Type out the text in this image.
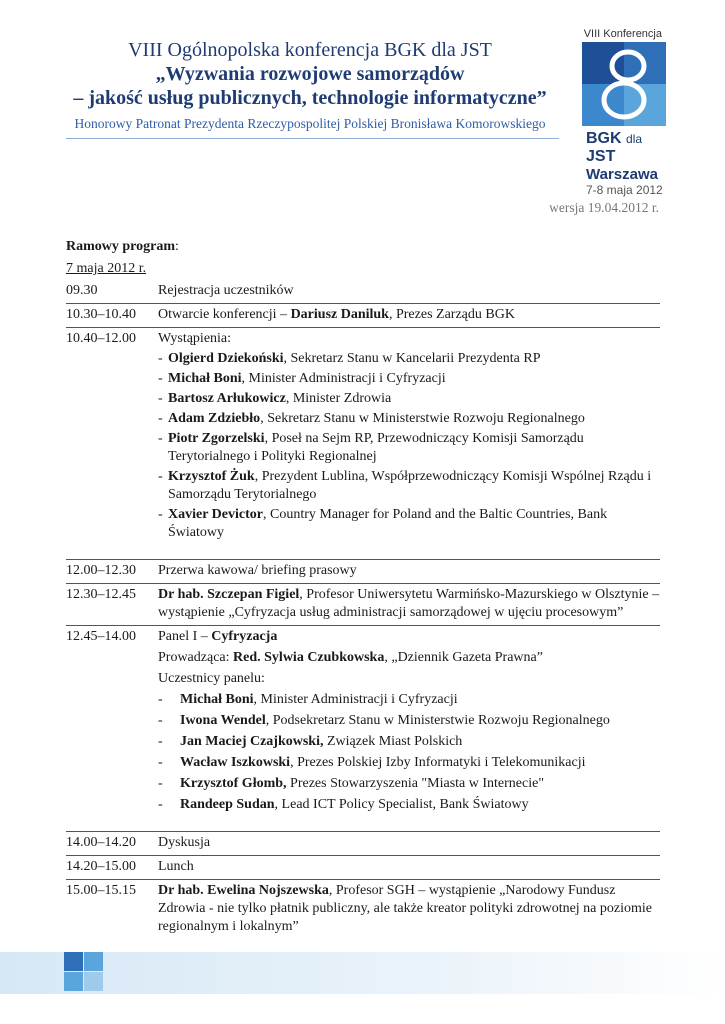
VIII Ogólnopolska konferencja BGK dla JST
„Wyzwania rozwojowe samorządów
– jakość usług publicznych, technologie informatyczne”
Honorowy Patronat Prezydenta Rzeczypospolitej Polskiej Bronisława Komorowskiego
VIII Konferencja
BGK dla JST
Warszawa
7-8 maja 2012
wersja 19.04.2012 r.
Ramowy program:
7 maja 2012 r.
09.30	Rejestracja uczestników
10.30–10.40	Otwarcie konferencji – Dariusz Daniluk, Prezes Zarządu BGK
10.40–12.00	Wystąpienia:
- Olgierd Dziekoński, Sekretarz Stanu w Kancelarii Prezydenta RP
- Michał Boni, Minister Administracji i Cyfryzacji
- Bartosz Arłukowicz, Minister Zdrowia
- Adam Zdziebło, Sekretarz Stanu w Ministerstwie Rozwoju Regionalnego
- Piotr Zgorzelski, Poseł na Sejm RP, Przewodniczący Komisji Samorządu Terytorialnego i Polityki Regionalnej
- Krzysztof Żuk, Prezydent Lublina, Współprzewodniczący Komisji Wspólnej Rządu i Samorządu Terytorialnego
- Xavier Devictor, Country Manager for Poland and the Baltic Countries, Bank Światowy
12.00–12.30	Przerwa kawowa/ briefing prasowy
12.30–12.45	Dr hab. Szczepan Figiel, Profesor Uniwersytetu Warmińsko-Mazurskiego w Olsztynie – wystąpienie „Cyfryzacja usług administracji samorządowej w ujęciu procesowym”
12.45–14.00	Panel I – Cyfryzacja
Prowadząca: Red. Sylwia Czubkowska, „Dziennik Gazeta Prawna”
Uczestnicy panelu:
-	Michał Boni, Minister Administracji i Cyfryzacji
-	Iwona Wendel, Podsekretarz Stanu w Ministerstwie Rozwoju Regionalnego
-	Jan Maciej Czajkowski, Związek Miast Polskich
-	Wacław Iszkowski, Prezes Polskiej Izby Informatyki i Telekomunikacji
-	Krzysztof Głomb, Prezes Stowarzyszenia "Miasta w Internecie"
-	Randeep Sudan, Lead ICT Policy Specialist, Bank Światowy
14.00–14.20	Dyskusja
14.20–15.00	Lunch
15.00–15.15	Dr hab. Ewelina Nojszewska, Profesor SGH – wystąpienie „Narodowy Fundusz Zdrowia - nie tylko płatnik publiczny, ale także kreator polityki zdrowotnej na poziomie regionalnym i lokalnym”
